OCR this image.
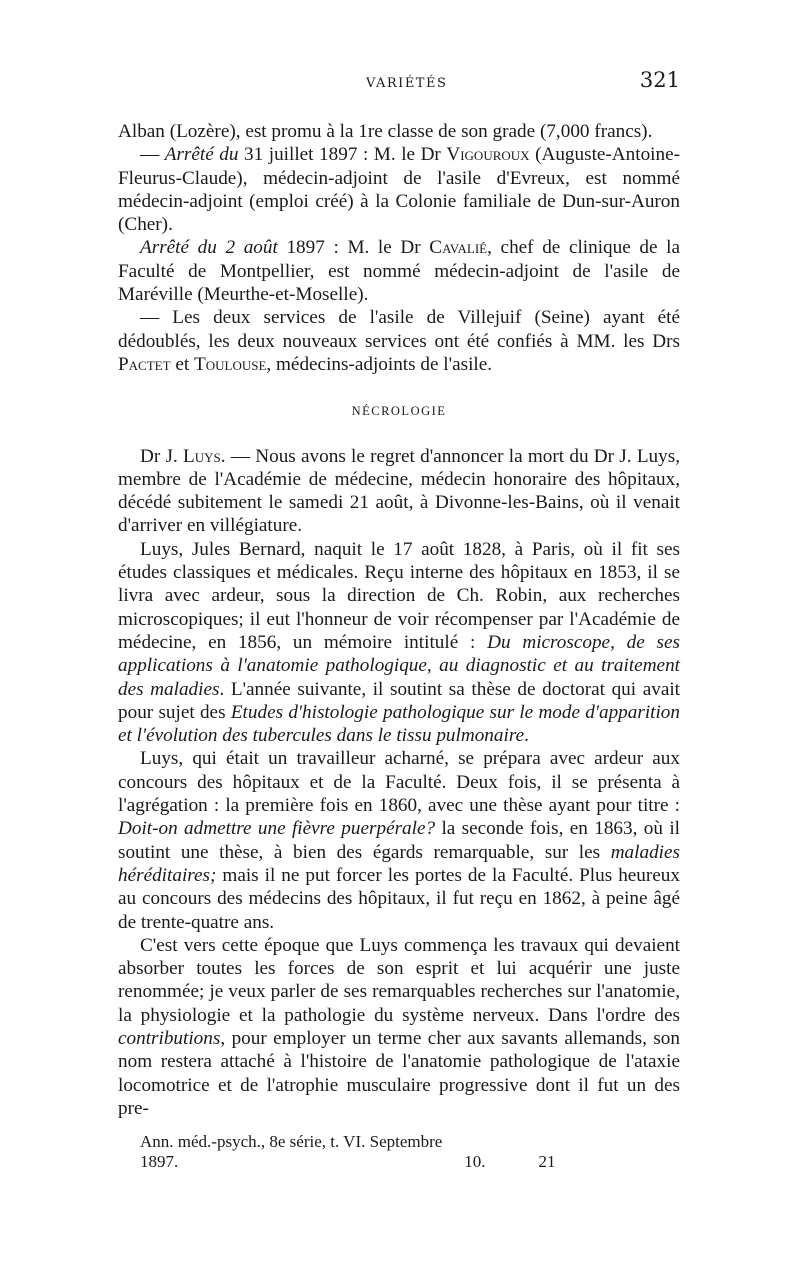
VARIÉTÉS	321

Alban (Lozère), est promu à la 1re classe de son grade (7,000 francs).

— Arrêté du 31 juillet 1897 : M. le Dr Vigouroux (Auguste-Antoine-Fleurus-Claude), médecin-adjoint de l'asile d'Evreux, est nommé médecin-adjoint (emploi créé) à la Colonie familiale de Dun-sur-Auron (Cher).

Arrêté du 2 août 1897 : M. le Dr Cavalié, chef de clinique de la Faculté de Montpellier, est nommé médecin-adjoint de l'asile de Maréville (Meurthe-et-Moselle).

— Les deux services de l'asile de Villejuif (Seine) ayant été dédoublés, les deux nouveaux services ont été confiés à MM. les Drs Pactet et Toulouse, médecins-adjoints de l'asile.

NÉCROLOGIE

Dr J. Luys. — Nous avons le regret d'annoncer la mort du Dr J. Luys, membre de l'Académie de médecine, médecin honoraire des hôpitaux, décédé subitement le samedi 21 août, à Divonne-les-Bains, où il venait d'arriver en villégiature.

Luys, Jules Bernard, naquit le 17 août 1828, à Paris, où il fit ses études classiques et médicales. Reçu interne des hôpitaux en 1853, il se livra avec ardeur, sous la direction de Ch. Robin, aux recherches microscopiques; il eut l'honneur de voir récompenser par l'Académie de médecine, en 1856, un mémoire intitulé : Du microscope, de ses applications à l'anatomie pathologique, au diagnostic et au traitement des maladies. L'année suivante, il soutint sa thèse de doctorat qui avait pour sujet des Etudes d'histologie pathologique sur le mode d'apparition et l'évolution des tubercules dans le tissu pulmonaire.

Luys, qui était un travailleur acharné, se prépara avec ardeur aux concours des hôpitaux et de la Faculté. Deux fois, il se présenta à l'agrégation : la première fois en 1860, avec une thèse ayant pour titre : Doit-on admettre une fièvre puerpérale? la seconde fois, en 1863, où il soutint une thèse, à bien des égards remarquable, sur les maladies héréditaires; mais il ne put forcer les portes de la Faculté. Plus heureux au concours des médecins des hôpitaux, il fut reçu en 1862, à peine âgé de trente-quatre ans.

C'est vers cette époque que Luys commença les travaux qui devaient absorber toutes les forces de son esprit et lui acquérir une juste renommée; je veux parler de ses remarquables recherches sur l'anatomie, la physiologie et la pathologie du système nerveux. Dans l'ordre des contributions, pour employer un terme cher aux savants allemands, son nom restera attaché à l'histoire de l'anatomie pathologique de l'ataxie locomotrice et de l'atrophie musculaire progressive dont il fut un des pre-

Ann. méd.-psych., 8e série, t. VI. Septembre 1897.	10.	21
